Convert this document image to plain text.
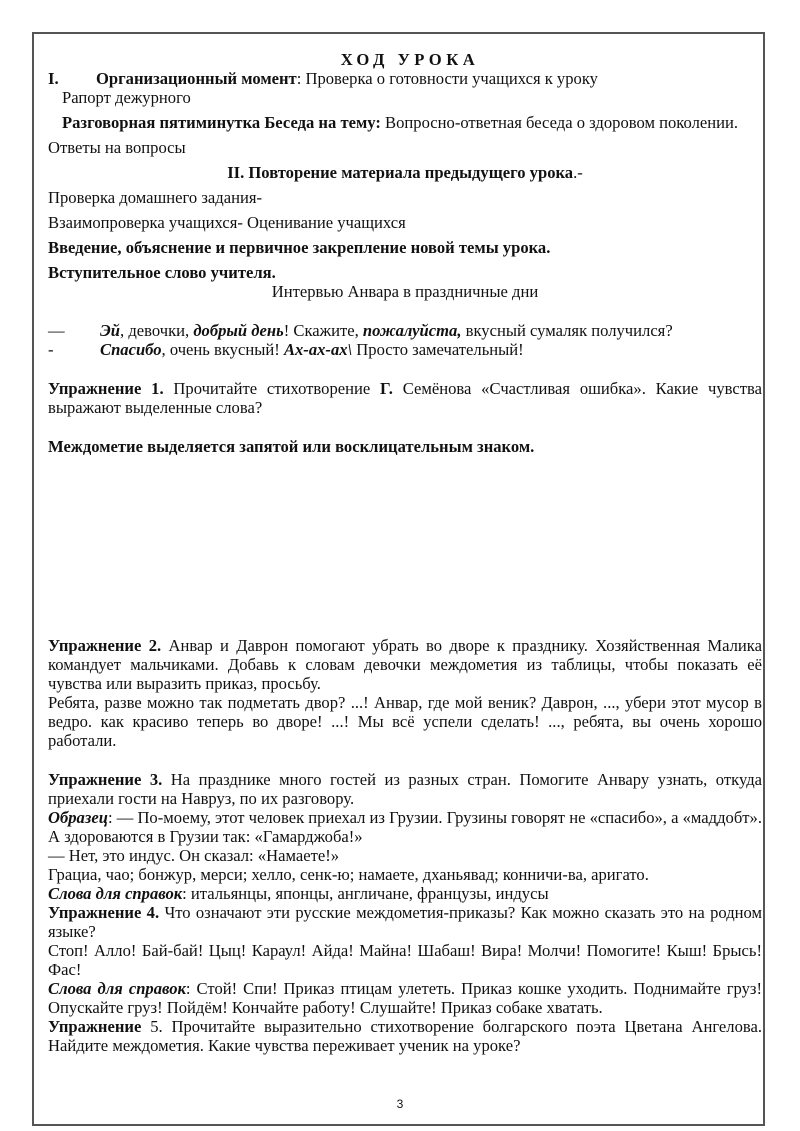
ХОД УРОКА

I.	Организационный момент: Проверка о готовности учащихся к уроку

Рапорт дежурного

Разговорная пятиминутка Беседа на тему: Вопросно-ответная беседа о здоровом поколении.

Ответы на вопросы

II. Повторение материала предыдущего урока.-

Проверка домашнего задания-

Взаимопроверка учащихся- Оценивание учащихся

Введение, объяснение и первичное закрепление новой темы урока.

Вступительное слово учителя.

Интервью Анвара в праздничные дни

—	Эй, девочки, добрый день! Скажите, пожалуйста, вкусный сумаляк получился?
-	Спасибо, очень вкусный! Ах-ах-ах\ Просто замечательный!

Упражнение 1. Прочитайте стихотворение Г. Семёнова «Счастливая ошибка». Какие чувства выражают выделенные слова?

Междометие выделяется запятой или восклицательным знаком.

Упражнение 2. Анвар и Даврон помогают убрать во дворе к празднику. Хозяйственная Малика командует мальчиками. Добавь к словам девочки междометия из таблицы, чтобы показать её чувства или выразить приказ, просьбу.

Ребята, разве можно так подметать двор? ...! Анвар, где мой веник? Даврон, ..., убери этот мусор в ведро. как красиво теперь во дворе! ...! Мы всё успели сделать! ..., ребята, вы очень хорошо работали.

Упражнение 3. На празднике много гостей из разных стран. Помогите Анвару узнать, откуда приехали гости на Навруз, по их разговору.

Образец: — По-моему, этот человек приехал из Грузии. Грузины говорят не «спасибо», а «маддобт». А здороваются в Грузии так: «Гамарджоба!»

— Нет, это индус. Он сказал: «Намаете!»

Грациа, чао; бонжур, мерси; хелло, сенк-ю; намаете, дханьявад; конничи-ва, аригато.

Слова для справок: итальянцы, японцы, англичане, французы, индусы

Упражнение 4. Что означают эти русские междометия-приказы? Как можно сказать это на родном языке?

Стоп! Алло! Бай-бай! Цыц! Караул! Айда! Майна! Шабаш! Вира! Молчи! Помогите! Кыш! Брысь! Фас!

Слова для справок: Стой! Спи! Приказ птицам улететь. Приказ кошке уходить. Поднимайте груз! Опускайте груз! Пойдём! Кончайте работу! Слушайте! Приказ собаке хватать.

Упражнение 5. Прочитайте выразительно стихотворение болгарского поэта Цветана Ангелова. Найдите междометия. Какие чувства переживает ученик на уроке?

3
